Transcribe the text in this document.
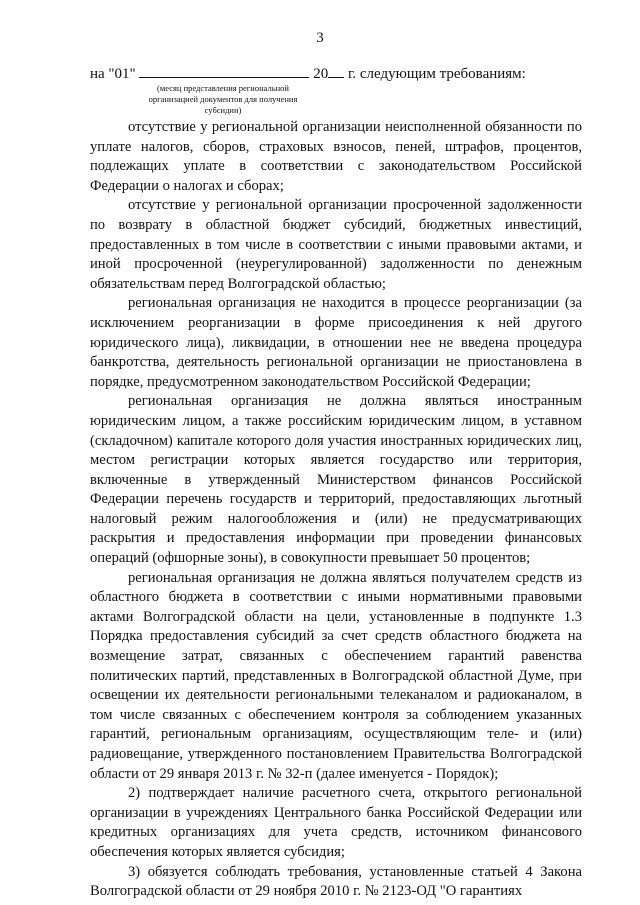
3
на "01"	20 г. следующим требованиям:
(месяц представления региональной организацией документов для получения субсидии)

отсутствие у региональной организации неисполненной обязанности по уплате налогов, сборов, страховых взносов, пеней, штрафов, процентов, подлежащих уплате в соответствии с законодательством Российской Федерации о налогах и сборах;

отсутствие у региональной организации просроченной задолженности по возврату в областной бюджет субсидий, бюджетных инвестиций, предоставленных в том числе в соответствии с иными правовыми актами, и иной просроченной (неурегулированной) задолженности по денежным обязательствам перед Волгоградской областью;

региональная организация не находится в процессе реорганизации (за исключением реорганизации в форме присоединения к ней другого юридического лица), ликвидации, в отношении нее не введена процедура банкротства, деятельность региональной организации не приостановлена в порядке, предусмотренном законодательством Российской Федерации;

региональная организация не должна являться иностранным юридическим лицом, а также российским юридическим лицом, в уставном (складочном) капитале которого доля участия иностранных юридических лиц, местом регистрации которых является государство или территория, включенные в утвержденный Министерством финансов Российской Федерации перечень государств и территорий, предоставляющих льготный налоговый режим налогообложения и (или) не предусматривающих раскрытия и предоставления информации при проведении финансовых операций (офшорные зоны), в совокупности превышает 50 процентов;

региональная организация не должна являться получателем средств из областного бюджета в соответствии с иными нормативными правовыми актами Волгоградской области на цели, установленные в подпункте 1.3 Порядка предоставления субсидий за счет средств областного бюджета на возмещение затрат, связанных с обеспечением гарантий равенства политических партий, представленных в Волгоградской областной Думе, при освещении их деятельности региональными телеканалом и радиоканалом, в том числе связанных с обеспечением контроля за соблюдением указанных гарантий, региональным организациям, осуществляющим теле- и (или) радиовещание, утвержденного постановлением Правительства Волгоградской области от 29 января 2013 г. № 32-п (далее именуется - Порядок);

2) подтверждает наличие расчетного счета, открытого региональной организации в учреждениях Центрального банка Российской Федерации или кредитных организациях для учета средств, источником финансового обеспечения которых является субсидия;

3) обязуется соблюдать требования, установленные статьей 4 Закона Волгоградской области от 29 ноября 2010 г. № 2123-ОД "О гарантиях
